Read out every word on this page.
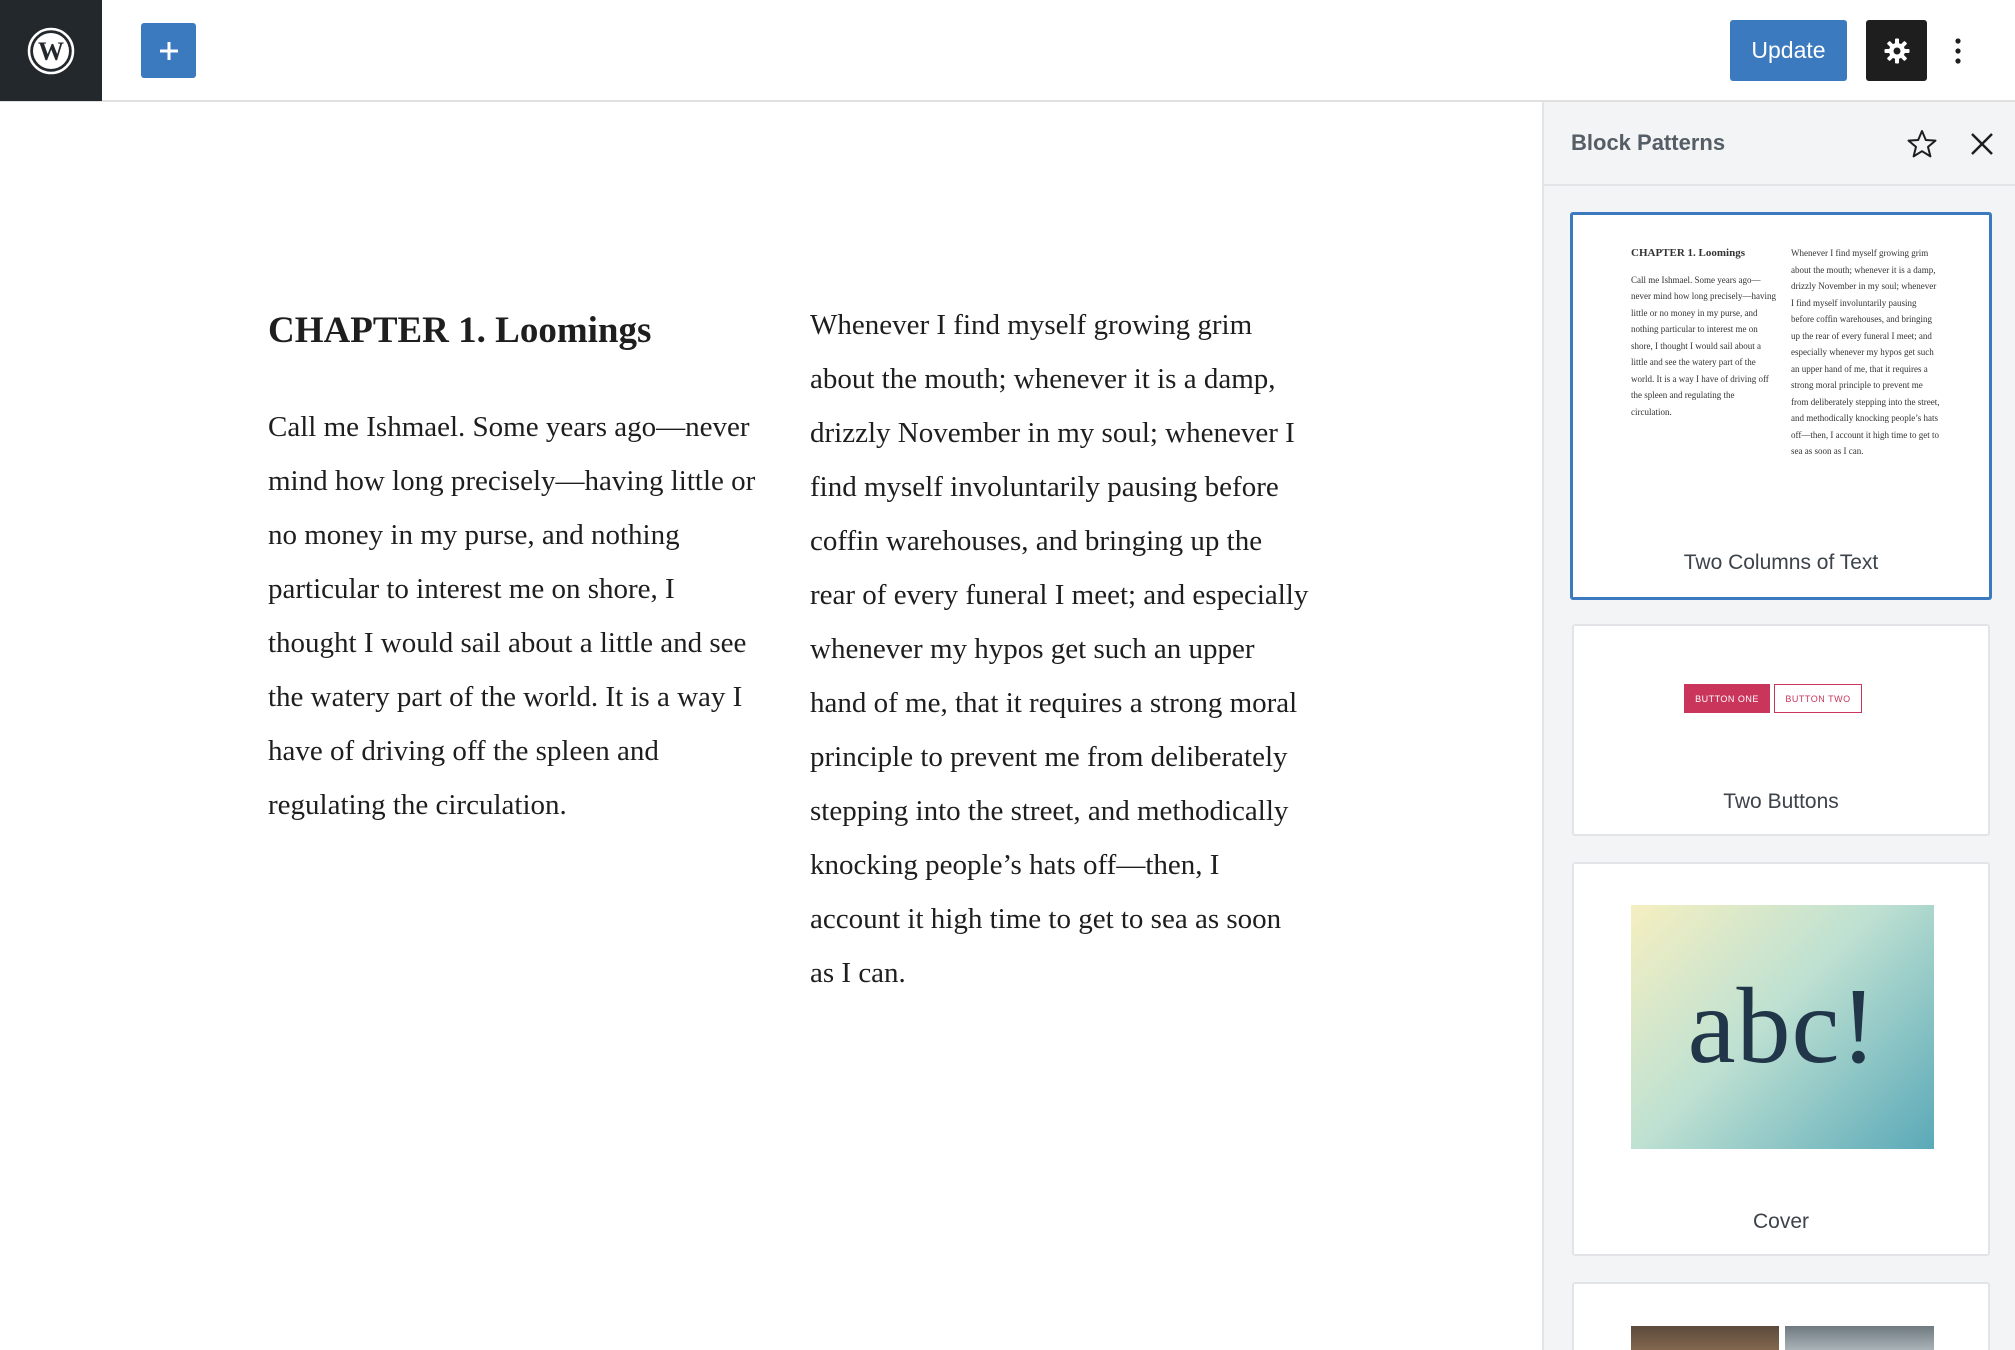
W	Update
CHAPTER 1. Loomings

Call me Ishmael. Some years ago—never mind how long precisely—having little or no money in my purse, and nothing particular to interest me on shore, I thought I would sail about a little and see the watery part of the world. It is a way I have of driving off the spleen and regulating the circulation.

Whenever I find myself growing grim about the mouth; whenever it is a damp, drizzly November in my soul; whenever I find myself involuntarily pausing before coffin warehouses, and bringing up the rear of every funeral I meet; and especially whenever my hypos get such an upper hand of me, that it requires a strong moral principle to prevent me from deliberately stepping into the street, and methodically knocking people’s hats off—then, I account it high time to get to sea as soon as I can.

Block Patterns
CHAPTER 1. Loomings
Call me Ishmael. Some years ago—never mind how long precisely—having little or no money in my purse, and nothing particular to interest me on shore, I thought I would sail about a little and see the watery part of the world. It is a way I have of driving off the spleen and regulating the circulation.
Whenever I find myself growing grim about the mouth; whenever it is a damp, drizzly November in my soul; whenever I find myself involuntarily pausing before coffin warehouses, and bringing up the rear of every funeral I meet; and especially whenever my hypos get such an upper hand of me, that it requires a strong moral principle to prevent me from deliberately stepping into the street, and methodically knocking people’s hats off—then, I account it high time to get to sea as soon as I can.
Two Columns of Text
BUTTON ONE	BUTTON TWO
Two Buttons
abc!
Cover
